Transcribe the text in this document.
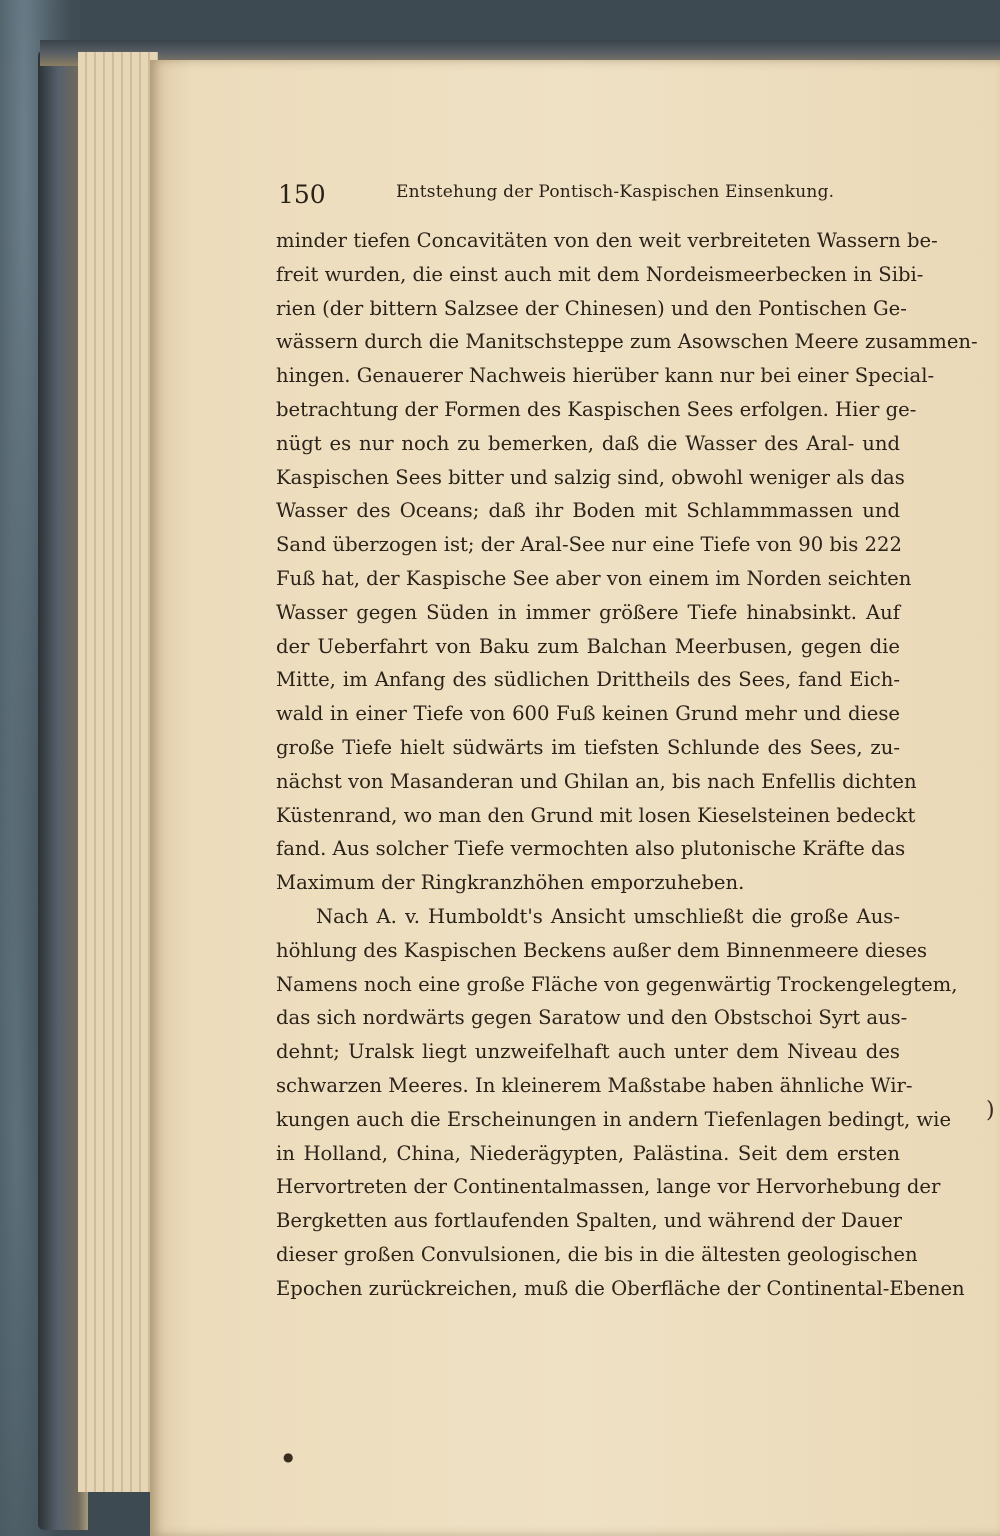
150	Entstehung der Pontisch-Kaspischen Einsenkung.
minder tiefen Concavitäten von den weit verbreiteten Wassern be-
freit wurden, die einst auch mit dem Nordeismeerbecken in Sibi-
rien (der bittern Salzsee der Chinesen) und den Pontischen Ge-
wässern durch die Manitschsteppe zum Asowschen Meere zusammen-
hingen. Genauerer Nachweis hierüber kann nur bei einer Special-
betrachtung der Formen des Kaspischen Sees erfolgen. Hier ge-
nügt es nur noch zu bemerken, daß die Wasser des Aral- und
Kaspischen Sees bitter und salzig sind, obwohl weniger als das
Wasser des Oceans; daß ihr Boden mit Schlammmassen und
Sand überzogen ist; der Aral-See nur eine Tiefe von 90 bis 222
Fuß hat, der Kaspische See aber von einem im Norden seichten
Wasser gegen Süden in immer größere Tiefe hinabsinkt. Auf
der Ueberfahrt von Baku zum Balchan Meerbusen, gegen die
Mitte, im Anfang des südlichen Drittheils des Sees, fand Eich-
wald in einer Tiefe von 600 Fuß keinen Grund mehr und diese
große Tiefe hielt südwärts im tiefsten Schlunde des Sees, zu-
nächst von Masanderan und Ghilan an, bis nach Enfellis dichten
Küstenrand, wo man den Grund mit losen Kieselsteinen bedeckt
fand. Aus solcher Tiefe vermochten also plutonische Kräfte das
Maximum der Ringkranzhöhen emporzuheben.
Nach A. v. Humboldt's Ansicht umschließt die große Aus-
höhlung des Kaspischen Beckens außer dem Binnenmeere dieses
Namens noch eine große Fläche von gegenwärtig Trockengelegtem,
das sich nordwärts gegen Saratow und den Obstschoi Syrt aus-
dehnt; Uralsk liegt unzweifelhaft auch unter dem Niveau des
schwarzen Meeres. In kleinerem Maßstabe haben ähnliche Wir-
kungen auch die Erscheinungen in andern Tiefenlagen bedingt, wie
in Holland, China, Niederägypten, Palästina. Seit dem ersten
Hervortreten der Continentalmassen, lange vor Hervorhebung der
Bergketten aus fortlaufenden Spalten, und während der Dauer
dieser großen Convulsionen, die bis in die ältesten geologischen
Epochen zurückreichen, muß die Oberfläche der Continental-Ebenen
)
●
